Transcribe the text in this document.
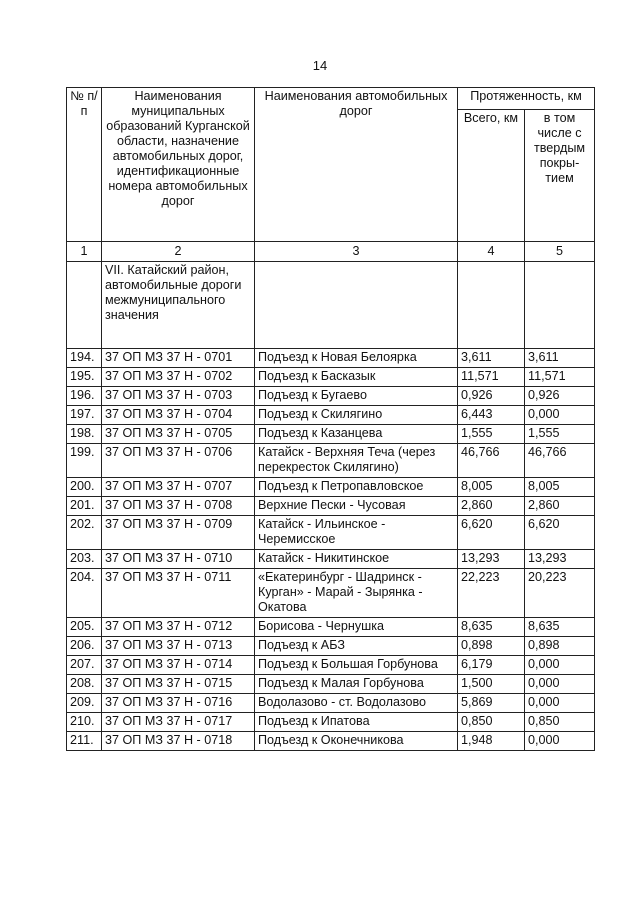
14
№ п/п	Наименования муниципальных образований Курганской области, назначение автомобильных дорог, идентификационные номера автомобильных дорог	Наименования автомобильных дорог	Протяженность, км	
			Всего, км	в том числе с твердым покры-тием
1	2	3	4	5
	VII. Катайский район, автомобильные дороги межмуниципального значения			
194.	37 ОП МЗ 37 Н - 0701	Подъезд к Новая Белоярка	3,611	3,611
195.	37 ОП МЗ 37 Н - 0702	Подъезд к Басказык	11,571	11,571
196.	37 ОП МЗ 37 Н - 0703	Подъезд к Бугаево	0,926	0,926
197.	37 ОП МЗ 37 Н - 0704	Подъезд к Скилягино	6,443	0,000
198.	37 ОП МЗ 37 Н - 0705	Подъезд к Казанцева	1,555	1,555
199.	37 ОП МЗ 37 Н - 0706	Катайск - Верхняя Теча (через перекресток Скилягино)	46,766	46,766
200.	37 ОП МЗ 37 Н - 0707	Подъезд к Петропавловское	8,005	8,005
201.	37 ОП МЗ 37 Н - 0708	Верхние Пески - Чусовая	2,860	2,860
202.	37 ОП МЗ 37 Н - 0709	Катайск - Ильинское - Черемисское	6,620	6,620
203.	37 ОП МЗ 37 Н - 0710	Катайск - Никитинское	13,293	13,293
204.	37 ОП МЗ 37 Н - 0711	«Екатеринбург - Шадринск - Курган» - Марай - Зырянка - Окатова	22,223	20,223
205.	37 ОП МЗ 37 Н - 0712	Борисова - Чернушка	8,635	8,635
206.	37 ОП МЗ 37 Н - 0713	Подъезд к АБЗ	0,898	0,898
207.	37 ОП МЗ 37 Н - 0714	Подъезд к Большая Горбунова	6,179	0,000
208.	37 ОП МЗ 37 Н - 0715	Подъезд к Малая Горбунова	1,500	0,000
209.	37 ОП МЗ 37 Н - 0716	Водолазово - ст. Водолазово	5,869	0,000
210.	37 ОП МЗ 37 Н - 0717	Подъезд к Ипатова	0,850	0,850
211.	37 ОП МЗ 37 Н - 0718	Подъезд к Оконечникова	1,948	0,000
